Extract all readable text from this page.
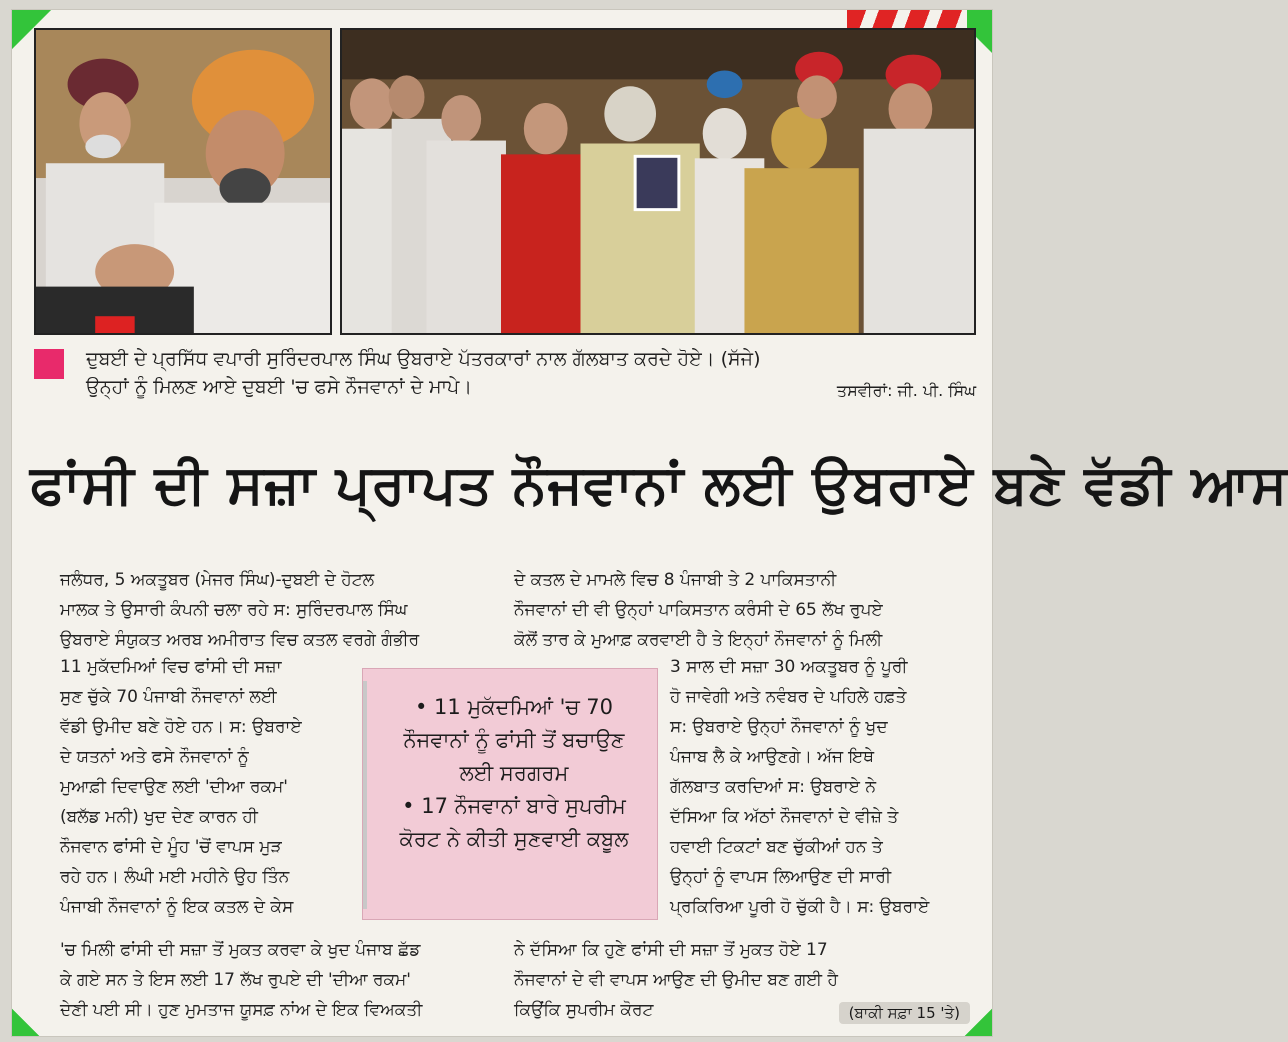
ਦੁਬਈ ਦੇ ਪ੍ਰਸਿੱਧ ਵਪਾਰੀ ਸੁਰਿੰਦਰਪਾਲ ਸਿੰਘ ਉਬਰਾਏ ਪੱਤਰਕਾਰਾਂ ਨਾਲ ਗੱਲਬਾਤ ਕਰਦੇ ਹੋਏ। (ਸੱਜੇ)
ਉਨ੍ਹਾਂ ਨੂੰ ਮਿਲਣ ਆਏ ਦੁਬਈ 'ਚ ਫਸੇ ਨੌਜਵਾਨਾਂ ਦੇ ਮਾਪੇ।	ਤਸਵੀਰਾਂ: ਜੀ. ਪੀ. ਸਿੰਘ
ਫਾਂਸੀ ਦੀ ਸਜ਼ਾ ਪ੍ਰਾਪਤ ਨੌਜਵਾਨਾਂ ਲਈ ਉਬਰਾਏ ਬਣੇ ਵੱਡੀ ਆਸ

ਜਲੰਧਰ, 5 ਅਕਤੂਬਰ (ਮੇਜਰ ਸਿੰਘ)-ਦੁਬਈ ਦੇ ਹੋਟਲ

ਮਾਲਕ ਤੇ ਉਸਾਰੀ ਕੰਪਨੀ ਚਲਾ ਰਹੇ ਸ: ਸੁਰਿੰਦਰਪਾਲ ਸਿੰਘ

ਉਬਰਾਏ ਸੰਯੁਕਤ ਅਰਬ ਅਮੀਰਾਤ ਵਿਚ ਕਤਲ ਵਰਗੇ ਗੰਭੀਰ

ਦੇ ਕਤਲ ਦੇ ਮਾਮਲੇ ਵਿਚ 8 ਪੰਜਾਬੀ ਤੇ 2 ਪਾਕਿਸਤਾਨੀ

ਨੌਜਵਾਨਾਂ ਦੀ ਵੀ ਉਨ੍ਹਾਂ ਪਾਕਿਸਤਾਨ ਕਰੰਸੀ ਦੇ 65 ਲੱਖ ਰੁਪਏ

ਕੋਲੋਂ ਤਾਰ ਕੇ ਮੁਆਫ਼ ਕਰਵਾਈ ਹੈ ਤੇ ਇਨ੍ਹਾਂ ਨੌਜਵਾਨਾਂ ਨੂੰ ਮਿਲੀ

11 ਮੁਕੱਦਮਿਆਂ ਵਿਚ ਫਾਂਸੀ ਦੀ ਸਜ਼ਾ

ਸੁਣ ਚੁੱਕੇ 70 ਪੰਜਾਬੀ ਨੌਜਵਾਨਾਂ ਲਈ

ਵੱਡੀ ਉਮੀਦ ਬਣੇ ਹੋਏ ਹਨ। ਸ: ਉਬਰਾਏ

ਦੇ ਯਤਨਾਂ ਅਤੇ ਫਸੇ ਨੌਜਵਾਨਾਂ ਨੂੰ

ਮੁਆਫ਼ੀ ਦਿਵਾਉਣ ਲਈ 'ਦੀਆ ਰਕਮ'

(ਬਲੱਡ ਮਨੀ) ਖੁਦ ਦੇਣ ਕਾਰਨ ਹੀ

ਨੌਜਵਾਨ ਫਾਂਸੀ ਦੇ ਮੂੰਹ 'ਚੋਂ ਵਾਪਸ ਮੁੜ

ਰਹੇ ਹਨ। ਲੰਘੀ ਮਈ ਮਹੀਨੇ ਉਹ ਤਿੰਨ

ਪੰਜਾਬੀ ਨੌਜਵਾਨਾਂ ਨੂੰ ਇਕ ਕਤਲ ਦੇ ਕੇਸ

• 11 ਮੁਕੱਦਮਿਆਂ 'ਚ 70

ਨੌਜਵਾਨਾਂ ਨੂੰ ਫਾਂਸੀ ਤੋਂ ਬਚਾਉਣ

ਲਈ ਸਰਗਰਮ

• 17 ਨੌਜਵਾਨਾਂ ਬਾਰੇ ਸੁਪਰੀਮ

ਕੋਰਟ ਨੇ ਕੀਤੀ ਸੁਣਵਾਈ ਕਬੂਲ

3 ਸਾਲ ਦੀ ਸਜ਼ਾ 30 ਅਕਤੂਬਰ ਨੂੰ ਪੂਰੀ

ਹੋ ਜਾਵੇਗੀ ਅਤੇ ਨਵੰਬਰ ਦੇ ਪਹਿਲੇ ਹਫ਼ਤੇ

ਸ: ਉਬਰਾਏ ਉਨ੍ਹਾਂ ਨੌਜਵਾਨਾਂ ਨੂੰ ਖੁਦ

ਪੰਜਾਬ ਲੈ ਕੇ ਆਉਣਗੇ। ਅੱਜ ਇਥੇ

ਗੱਲਬਾਤ ਕਰਦਿਆਂ ਸ: ਉਬਰਾਏ ਨੇ

ਦੱਸਿਆ ਕਿ ਅੱਠਾਂ ਨੌਜਵਾਨਾਂ ਦੇ ਵੀਜ਼ੇ ਤੇ

ਹਵਾਈ ਟਿਕਟਾਂ ਬਣ ਚੁੱਕੀਆਂ ਹਨ ਤੇ

ਉਨ੍ਹਾਂ ਨੂੰ ਵਾਪਸ ਲਿਆਉਣ ਦੀ ਸਾਰੀ

ਪ੍ਰਕਿਰਿਆ ਪੂਰੀ ਹੋ ਚੁੱਕੀ ਹੈ। ਸ: ਉਬਰਾਏ

'ਚ ਮਿਲੀ ਫਾਂਸੀ ਦੀ ਸਜ਼ਾ ਤੋਂ ਮੁਕਤ ਕਰਵਾ ਕੇ ਖੁਦ ਪੰਜਾਬ ਛੱਡ

ਕੇ ਗਏ ਸਨ ਤੇ ਇਸ ਲਈ 17 ਲੱਖ ਰੁਪਏ ਦੀ 'ਦੀਆ ਰਕਮ'

ਦੇਣੀ ਪਈ ਸੀ। ਹੁਣ ਮੁਮਤਾਜ ਯੂਸਫ਼ ਨਾਂਅ ਦੇ ਇਕ ਵਿਅਕਤੀ

ਨੇ ਦੱਸਿਆ ਕਿ ਹੁਣੇ ਫਾਂਸੀ ਦੀ ਸਜ਼ਾ ਤੋਂ ਮੁਕਤ ਹੋਏ 17

ਨੌਜਵਾਨਾਂ ਦੇ ਵੀ ਵਾਪਸ ਆਉਣ ਦੀ ਉਮੀਦ ਬਣ ਗਈ ਹੈ

ਕਿਉਂਕਿ ਸੁਪਰੀਮ ਕੋਰਟ	(ਬਾਕੀ ਸਫ਼ਾ 15 'ਤੇ)
